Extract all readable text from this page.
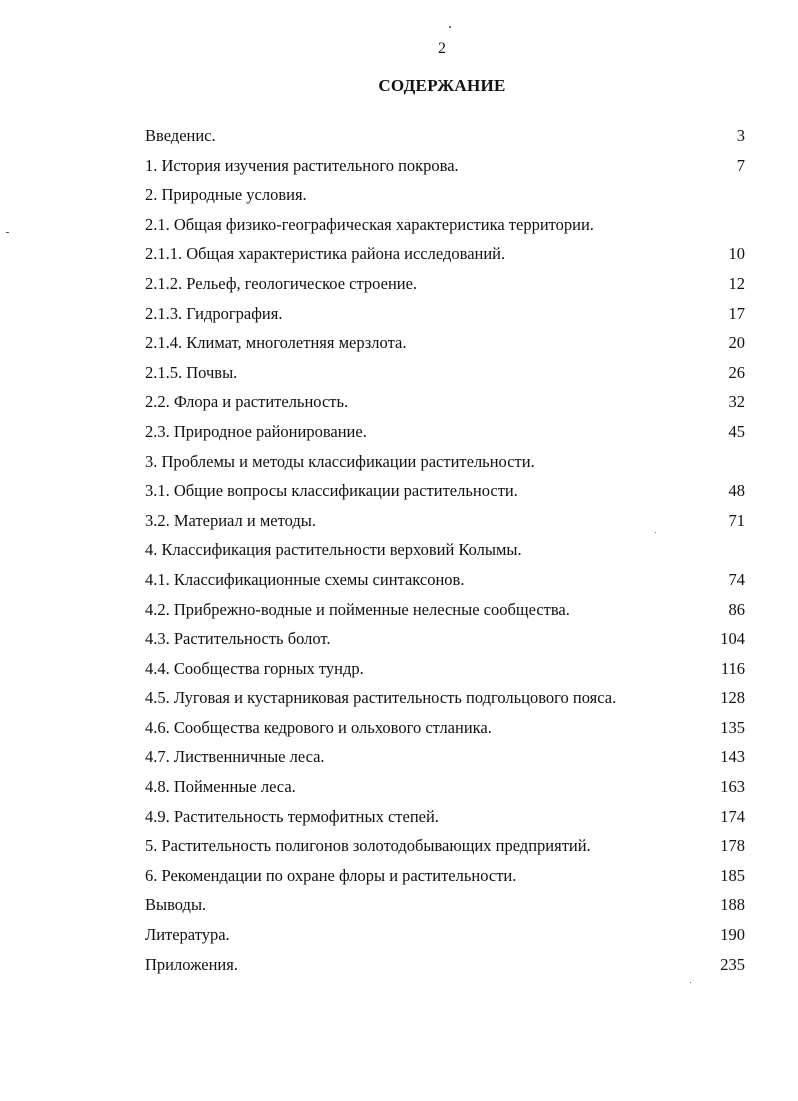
2
СОДЕРЖАНИЕ
Введенис.	3
1. История изучения растительного покрова.	7
2. Природные условия.
2.1. Общая физико-географическая характеристика территории.
2.1.1. Общая характеристика района исследований.	10
2.1.2. Рельеф, геологическое строение.	12
2.1.3. Гидрография.	17
2.1.4. Климат, многолетняя мерзлота.	20
2.1.5. Почвы.	26
2.2. Флора и растительность.	32
2.3. Природное районирование.	45
3. Проблемы и методы классификации растительности.
3.1. Общие вопросы классификации растительности.	48
3.2. Материал и методы.	71
4. Классификация растительности верховий Колымы.
4.1. Классификационные схемы синтаксонов.	74
4.2. Прибрежно-водные и пойменные нелесные сообщества.	86
4.3. Растительность болот.	104
4.4. Сообщества горных тундр.	116
4.5. Луговая и кустарниковая растительность подгольцового пояса.	128
4.6. Сообщества кедрового и ольхового стланика.	135
4.7. Лиственничные леса.	143
4.8. Пойменные леса.	163
4.9. Растительность термофитных степей.	174
5. Растительность полигонов золотодобывающих предприятий.	178
6. Рекомендации по охране флоры и растительности.	185
Выводы.	188
Литература.	190
Приложения.	235
